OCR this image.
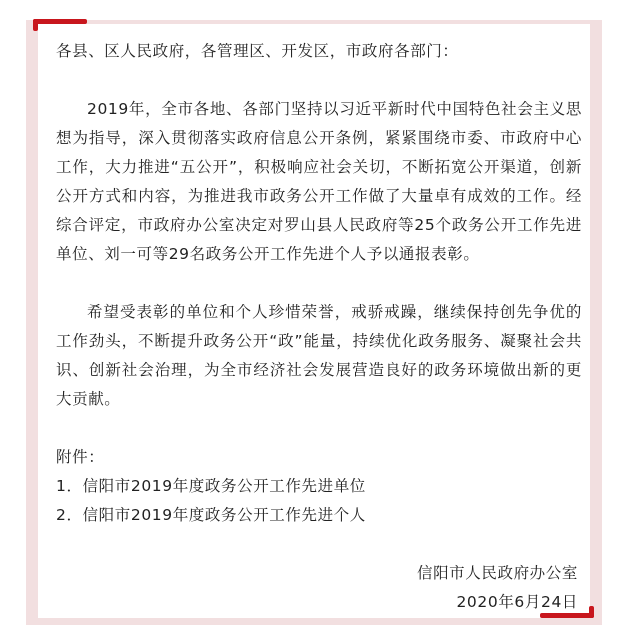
各县、区人民政府，各管理区、开发区，市政府各部门：

2019年，全市各地、各部门坚持以习近平新时代中国特色社会主义思想为指导，深入贯彻落实政府信息公开条例，紧紧围绕市委、市政府中心工作，大力推进“五公开”，积极响应社会关切，不断拓宽公开渠道，创新公开方式和内容，为推进我市政务公开工作做了大量卓有成效的工作。经综合评定，市政府办公室决定对罗山县人民政府等25个政务公开工作先进单位、刘一可等29名政务公开工作先进个人予以通报表彰。

希望受表彰的单位和个人珍惜荣誉，戒骄戒躁，继续保持创先争优的工作劲头，不断提升政务公开“政”能量，持续优化政务服务、凝聚社会共识、创新社会治理，为全市经济社会发展营造良好的政务环境做出新的更大贡献。

附件：

1．信阳市2019年度政务公开工作先进单位

2．信阳市2019年度政务公开工作先进个人

信阳市人民政府办公室

2020年6月24日
